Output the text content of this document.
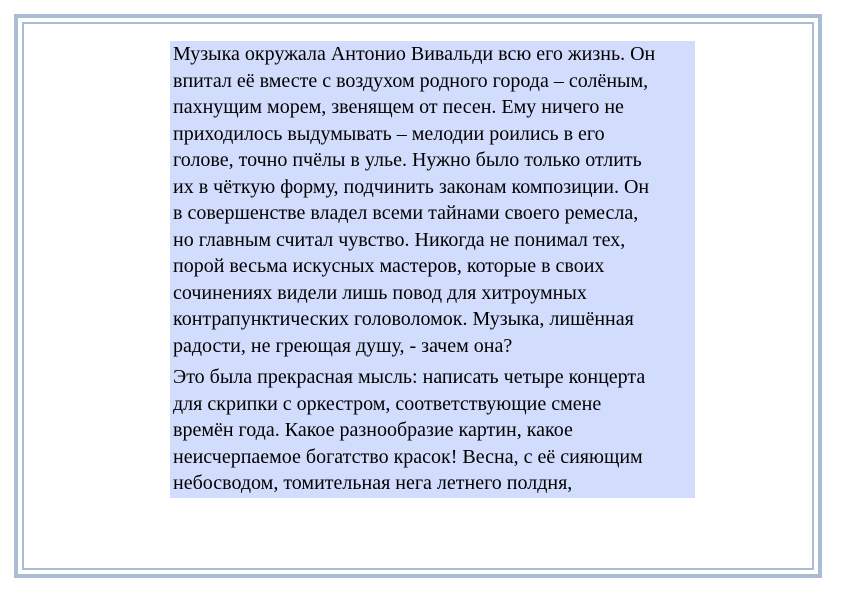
Музыка окружала Антонио Вивальди всю его жизнь. Он
впитал её вместе с воздухом родного города – солёным,
пахнущим морем, звенящем от песен. Ему ничего не
приходилось выдумывать – мелодии роились в его
голове, точно пчёлы в улье. Нужно было только отлить
их в чёткую форму, подчинить законам композиции. Он
в совершенстве владел всеми тайнами своего ремесла,
но главным считал чувство. Никогда не понимал тех,
порой весьма искусных мастеров, которые в своих
сочинениях видели лишь повод для хитроумных
контрапунктических головоломок. Музыка, лишённая
радости, не греющая душу, - зачем она?

Это была прекрасная мысль: написать четыре концерта
для скрипки с оркестром, соответствующие смене
времён года. Какое разнообразие картин, какое
неисчерпаемое богатство красок! Весна, с её сияющим
небосводом, томительная нега летнего полдня,
